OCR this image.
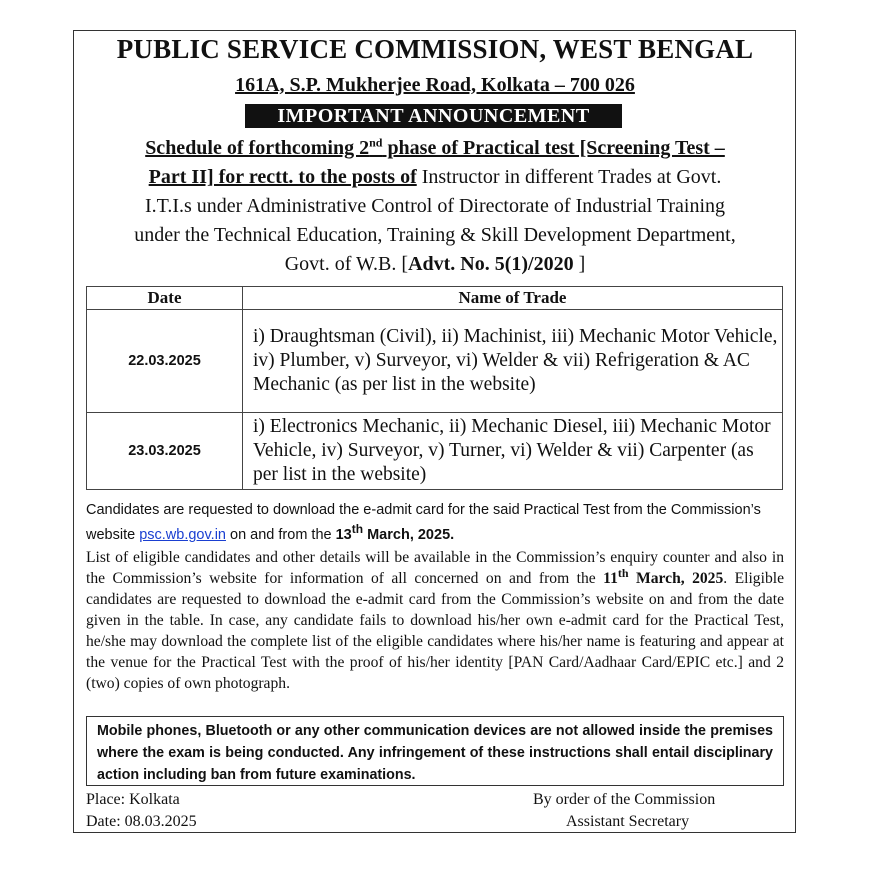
PUBLIC SERVICE COMMISSION, WEST BENGAL
161A, S.P. Mukherjee Road, Kolkata – 700 026
IMPORTANT ANNOUNCEMENT
Schedule of forthcoming 2nd phase of Practical test [Screening Test –
Part II] for rectt. to the posts of Instructor in different Trades at Govt.
I.T.I.s under Administrative Control of Directorate of Industrial Training
under the Technical Education, Training & Skill Development Department,
Govt. of W.B. [Advt. No. 5(1)/2020 ]
Date	Name of Trade
22.03.2025	i) Draughtsman (Civil), ii) Machinist, iii) Mechanic Motor Vehicle, iv) Plumber, v) Surveyor, vi) Welder & vii) Refrigeration & AC Mechanic (as per list in the website)
23.03.2025	i) Electronics Mechanic, ii) Mechanic Diesel, iii) Mechanic Motor Vehicle, iv) Surveyor, v) Turner, vi) Welder & vii) Carpenter (as per list in the website)
Candidates are requested to download the e-admit card for the said Practical Test from the Commission’s website psc.wb.gov.in on and from the 13th March, 2025.
List of eligible candidates and other details will be available in the Commission’s enquiry counter and also in the Commission’s website for information of all concerned on and from the 11th March, 2025. Eligible candidates are requested to download the e-admit card from the Commission’s website on and from the date given in the table. In case, any candidate fails to download his/her own e-admit card for the Practical Test, he/she may download the complete list of the eligible candidates where his/her name is featuring and appear at the venue for the Practical Test with the proof of his/her identity [PAN Card/Aadhaar Card/EPIC etc.] and 2 (two) copies of own photograph.
Mobile phones, Bluetooth or any other communication devices are not allowed inside the premises where the exam is being conducted. Any infringement of these instructions shall entail disciplinary action including ban from future examinations.
Place: Kolkata
Date: 08.03.2025
By order of the Commission
Assistant Secretary
